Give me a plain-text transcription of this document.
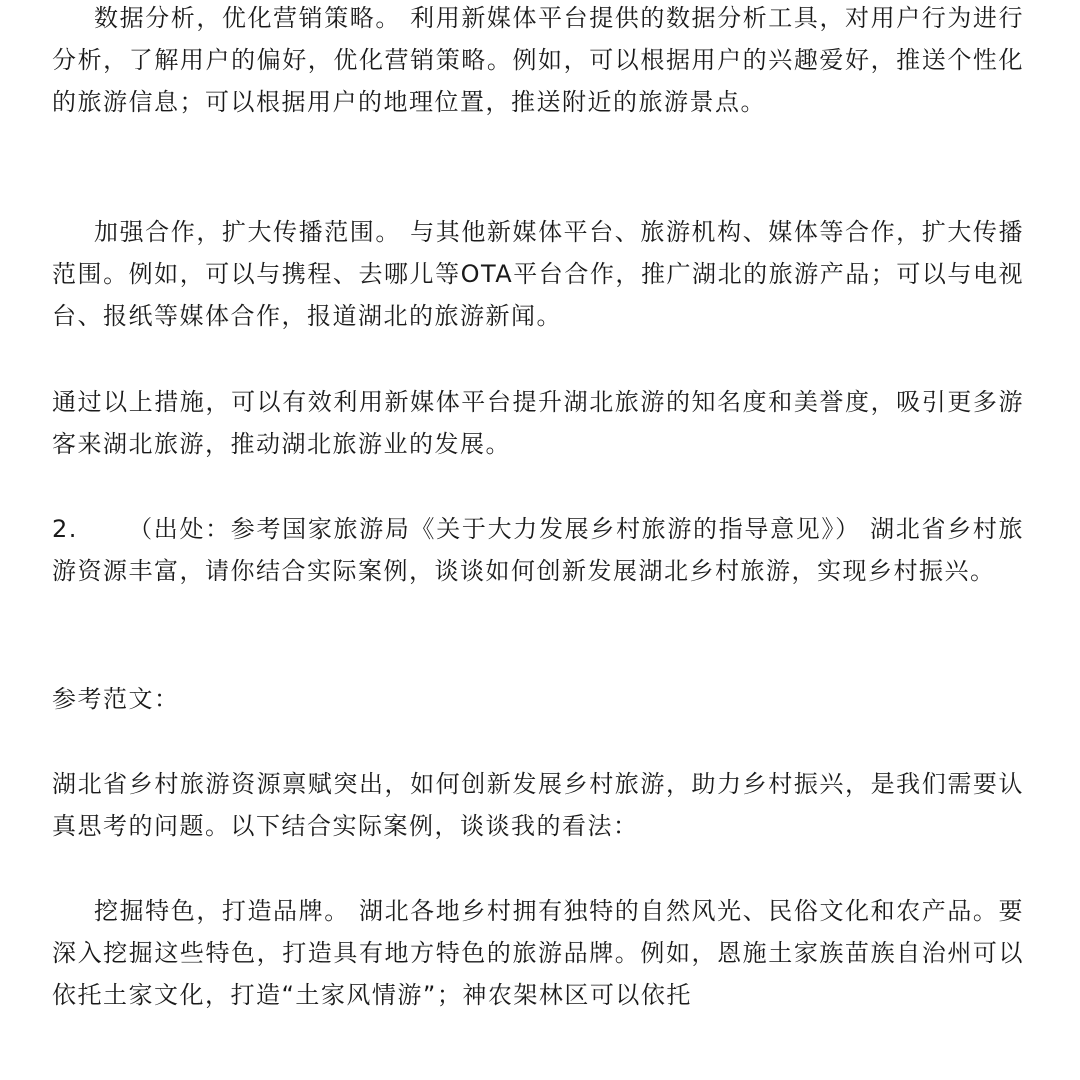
数据分析，优化营销策略。 利用新媒体平台提供的数据分析工具，对用户行为进行分析，了解用户的偏好，优化营销策略。例如，可以根据用户的兴趣爱好，推送个性化的旅游信息；可以根据用户的地理位置，推送附近的旅游景点。

加强合作，扩大传播范围。 与其他新媒体平台、旅游机构、媒体等合作，扩大传播范围。例如，可以与携程、去哪儿等OTA平台合作，推广湖北的旅游产品；可以与电视台、报纸等媒体合作，报道湖北的旅游新闻。

通过以上措施，可以有效利用新媒体平台提升湖北旅游的知名度和美誉度，吸引更多游客来湖北旅游，推动湖北旅游业的发展。

2. （出处：参考国家旅游局《关于大力发展乡村旅游的指导意见》） 湖北省乡村旅游资源丰富，请你结合实际案例，谈谈如何创新发展湖北乡村旅游，实现乡村振兴。

参考范文：

湖北省乡村旅游资源禀赋突出，如何创新发展乡村旅游，助力乡村振兴，是我们需要认真思考的问题。以下结合实际案例，谈谈我的看法：

挖掘特色，打造品牌。 湖北各地乡村拥有独特的自然风光、民俗文化和农产品。要深入挖掘这些特色，打造具有地方特色的旅游品牌。例如，恩施土家族苗族自治州可以依托土家文化，打造“土家风情游”；神农架林区可以依托
